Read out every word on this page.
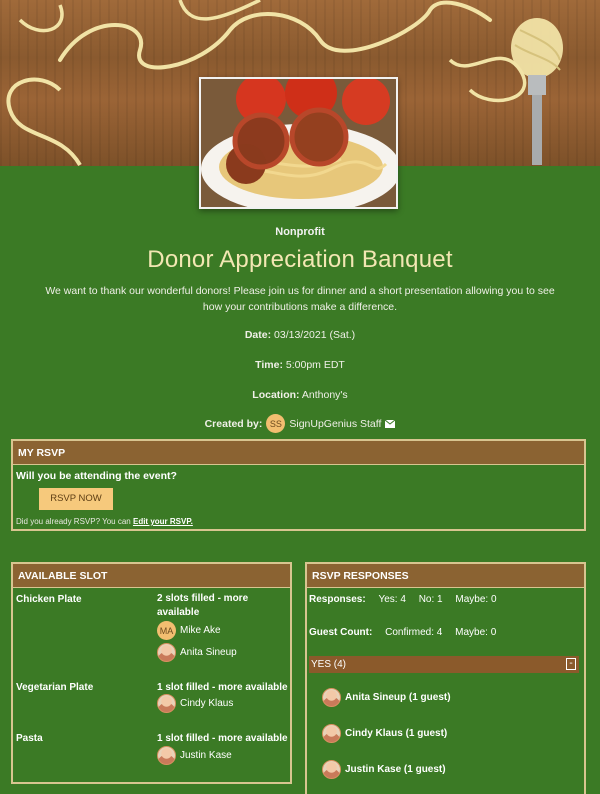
Nonprofit
Donor Appreciation Banquet
We want to thank our wonderful donors! Please join us for dinner and a short presentation allowing you to see how your contributions make a difference.
Date: 03/13/2021 (Sat.)
Time: 5:00pm EDT
Location: Anthony's
Created by: SS SignUpGenius Staff
MY RSVP
Will you be attending the event?
RSVP NOW
Did you already RSVP? You can Edit your RSVP.
AVAILABLE SLOT
Chicken Plate	2 slots filled - more available
MA Mike Ake
Anita Sineup
Vegetarian Plate	1 slot filled - more available
Cindy Klaus
Pasta	1 slot filled - more available
Justin Kase
RSVP RESPONSES
Responses: Yes: 4 No: 1 Maybe: 0
Guest Count: Confirmed: 4 Maybe: 0
YES (4)	-
Anita Sineup (1 guest)
Cindy Klaus (1 guest)
Justin Kase (1 guest)
